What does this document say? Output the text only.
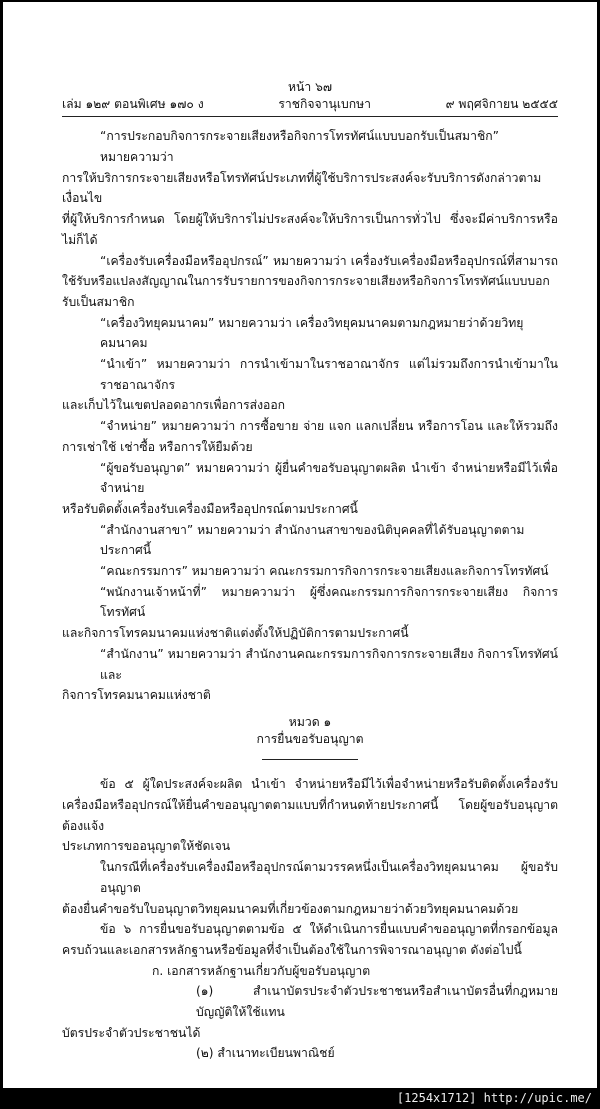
หน้า ๖๗
เล่ม ๑๒๙ ตอนพิเศษ ๑๗๐ ง	ราชกิจจานุเบกษา	๙ พฤศจิกายน ๒๕๕๕
“การประกอบกิจการกระจายเสียงหรือกิจการโทรทัศน์แบบบอกรับเป็นสมาชิก” หมายความว่า
การให้บริการกระจายเสียงหรือโทรทัศน์ประเภทที่ผู้ใช้บริการประสงค์จะรับบริการดังกล่าวตามเงื่อนไข
ที่ผู้ให้บริการกำหนด โดยผู้ให้บริการไม่ประสงค์จะให้บริการเป็นการทั่วไป ซึ่งจะมีค่าบริการหรือไม่ก็ได้
“เครื่องรับเครื่องมือหรืออุปกรณ์” หมายความว่า เครื่องรับเครื่องมือหรืออุปกรณ์ที่สามารถ
ใช้รับหรือแปลงสัญญาณในการรับรายการของกิจการกระจายเสียงหรือกิจการโทรทัศน์แบบบอกรับเป็นสมาชิก
“เครื่องวิทยุคมนาคม” หมายความว่า เครื่องวิทยุคมนาคมตามกฎหมายว่าด้วยวิทยุคมนาคม
“นำเข้า” หมายความว่า การนำเข้ามาในราชอาณาจักร แต่ไม่รวมถึงการนำเข้ามาในราชอาณาจักร
และเก็บไว้ในเขตปลอดอากรเพื่อการส่งออก
“จำหน่าย” หมายความว่า การซื้อขาย จ่าย แจก แลกเปลี่ยน หรือการโอน และให้รวมถึง
การเช่าใช้ เช่าซื้อ หรือการให้ยืมด้วย
“ผู้ขอรับอนุญาต” หมายความว่า ผู้ยื่นคำขอรับอนุญาตผลิต นำเข้า จำหน่ายหรือมีไว้เพื่อจำหน่าย
หรือรับติดตั้งเครื่องรับเครื่องมือหรืออุปกรณ์ตามประกาศนี้
“สำนักงานสาขา” หมายความว่า สำนักงานสาขาของนิติบุคคลที่ได้รับอนุญาตตามประกาศนี้
“คณะกรรมการ” หมายความว่า คณะกรรมการกิจการกระจายเสียงและกิจการโทรทัศน์
“พนักงานเจ้าหน้าที่” หมายความว่า ผู้ซึ่งคณะกรรมการกิจการกระจายเสียง กิจการโทรทัศน์
และกิจการโทรคมนาคมแห่งชาติแต่งตั้งให้ปฏิบัติการตามประกาศนี้
“สำนักงาน” หมายความว่า สำนักงานคณะกรรมการกิจการกระจายเสียง กิจการโทรทัศน์และ
กิจการโทรคมนาคมแห่งชาติ
หมวด ๑
การยื่นขอรับอนุญาต
ข้อ ๕ ผู้ใดประสงค์จะผลิต นำเข้า จำหน่ายหรือมีไว้เพื่อจำหน่ายหรือรับติดตั้งเครื่องรับ
เครื่องมือหรืออุปกรณ์ให้ยื่นคำขออนุญาตตามแบบที่กำหนดท้ายประกาศนี้ โดยผู้ขอรับอนุญาตต้องแจ้ง
ประเภทการขออนุญาตให้ชัดเจน
ในกรณีที่เครื่องรับเครื่องมือหรืออุปกรณ์ตามวรรคหนึ่งเป็นเครื่องวิทยุคมนาคม ผู้ขอรับอนุญาต
ต้องยื่นคำขอรับใบอนุญาตวิทยุคมนาคมที่เกี่ยวข้องตามกฎหมายว่าด้วยวิทยุคมนาคมด้วย
ข้อ ๖ การยื่นขอรับอนุญาตตามข้อ ๕ ให้ดำเนินการยื่นแบบคำขออนุญาตที่กรอกข้อมูล
ครบถ้วนและเอกสารหลักฐานหรือข้อมูลที่จำเป็นต้องใช้ในการพิจารณาอนุญาต ดังต่อไปนี้
ก. เอกสารหลักฐานเกี่ยวกับผู้ขอรับอนุญาต
(๑) สำเนาบัตรประจำตัวประชาชนหรือสำเนาบัตรอื่นที่กฎหมายบัญญัติให้ใช้แทน
บัตรประจำตัวประชาชนได้
(๒) สำเนาทะเบียนพาณิชย์
[1254x1712] http://upic.me/
